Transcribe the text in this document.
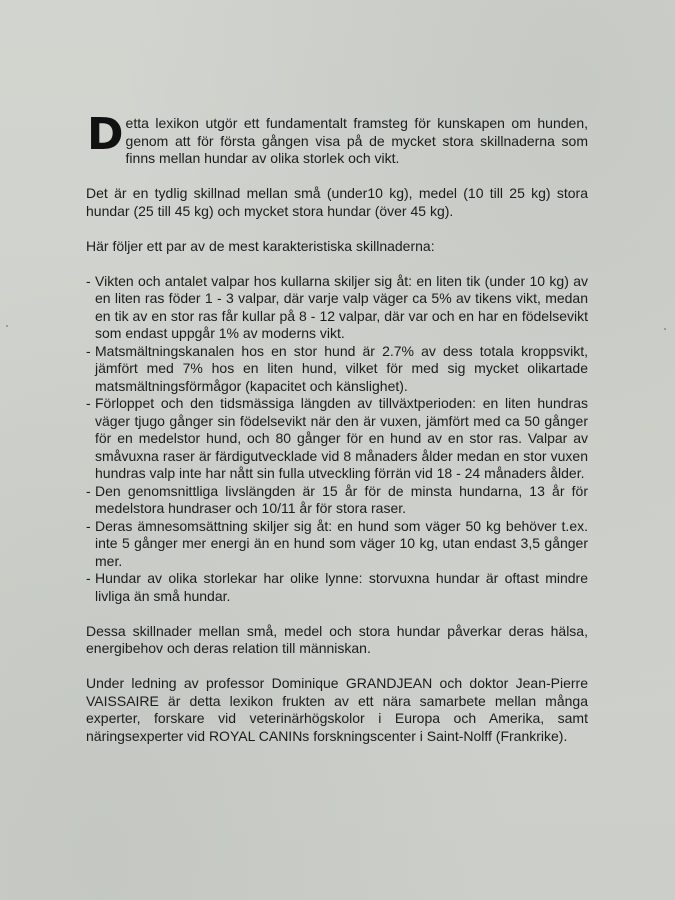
Detta lexikon utgör ett fundamentalt framsteg för kunskapen om hunden, genom att för första gången visa på de mycket stora skillnaderna som finns mellan hundar av olika storlek och vikt.

Det är en tydlig skillnad mellan små (under10 kg), medel (10 till 25 kg) stora hundar (25 till 45 kg) och mycket stora hundar (över 45 kg).

Här följer ett par av de mest karakteristiska skillnaderna:

- Vikten och antalet valpar hos kullarna skiljer sig åt: en liten tik (under 10 kg) av en liten ras föder 1 - 3 valpar, där varje valp väger ca 5% av tikens vikt, medan en tik av en stor ras får kullar på 8 - 12 valpar, där var och en har en födelsevikt som endast uppgår 1% av moderns vikt.
- Matsmältningskanalen hos en stor hund är 2.7% av dess totala kroppsvikt, jämfört med 7% hos en liten hund, vilket för med sig mycket olikartade matsmältningsförmågor (kapacitet och känslighet).
- Förloppet och den tidsmässiga längden av tillväxtperioden: en liten hundras väger tjugo gånger sin födelsevikt när den är vuxen, jämfört med ca 50 gånger för en medelstor hund, och 80 gånger för en hund av en stor ras. Valpar av småvuxna raser är färdigutvecklade vid 8 månaders ålder medan en stor vuxen hundras valp inte har nått sin fulla utveckling förrän vid 18 - 24 månaders ålder.
- Den genomsnittliga livslängden är 15 år för de minsta hundarna, 13 år för medelstora hundraser och 10/11 år för stora raser.
- Deras ämnesomsättning skiljer sig åt: en hund som väger 50 kg behöver t.ex. inte 5 gånger mer energi än en hund som väger 10 kg, utan endast 3,5 gånger mer.
- Hundar av olika storlekar har olike lynne: storvuxna hundar är oftast mindre livliga än små hundar.

Dessa skillnader mellan små, medel och stora hundar påverkar deras hälsa, energibehov och deras relation till människan.

Under ledning av professor Dominique GRANDJEAN och doktor Jean-Pierre VAISSAIRE är detta lexikon frukten av ett nära samarbete mellan många experter, forskare vid veterinärhögskolor i Europa och Amerika, samt näringsexperter vid ROYAL CANINs forskningscenter i Saint-Nolff (Frankrike).
